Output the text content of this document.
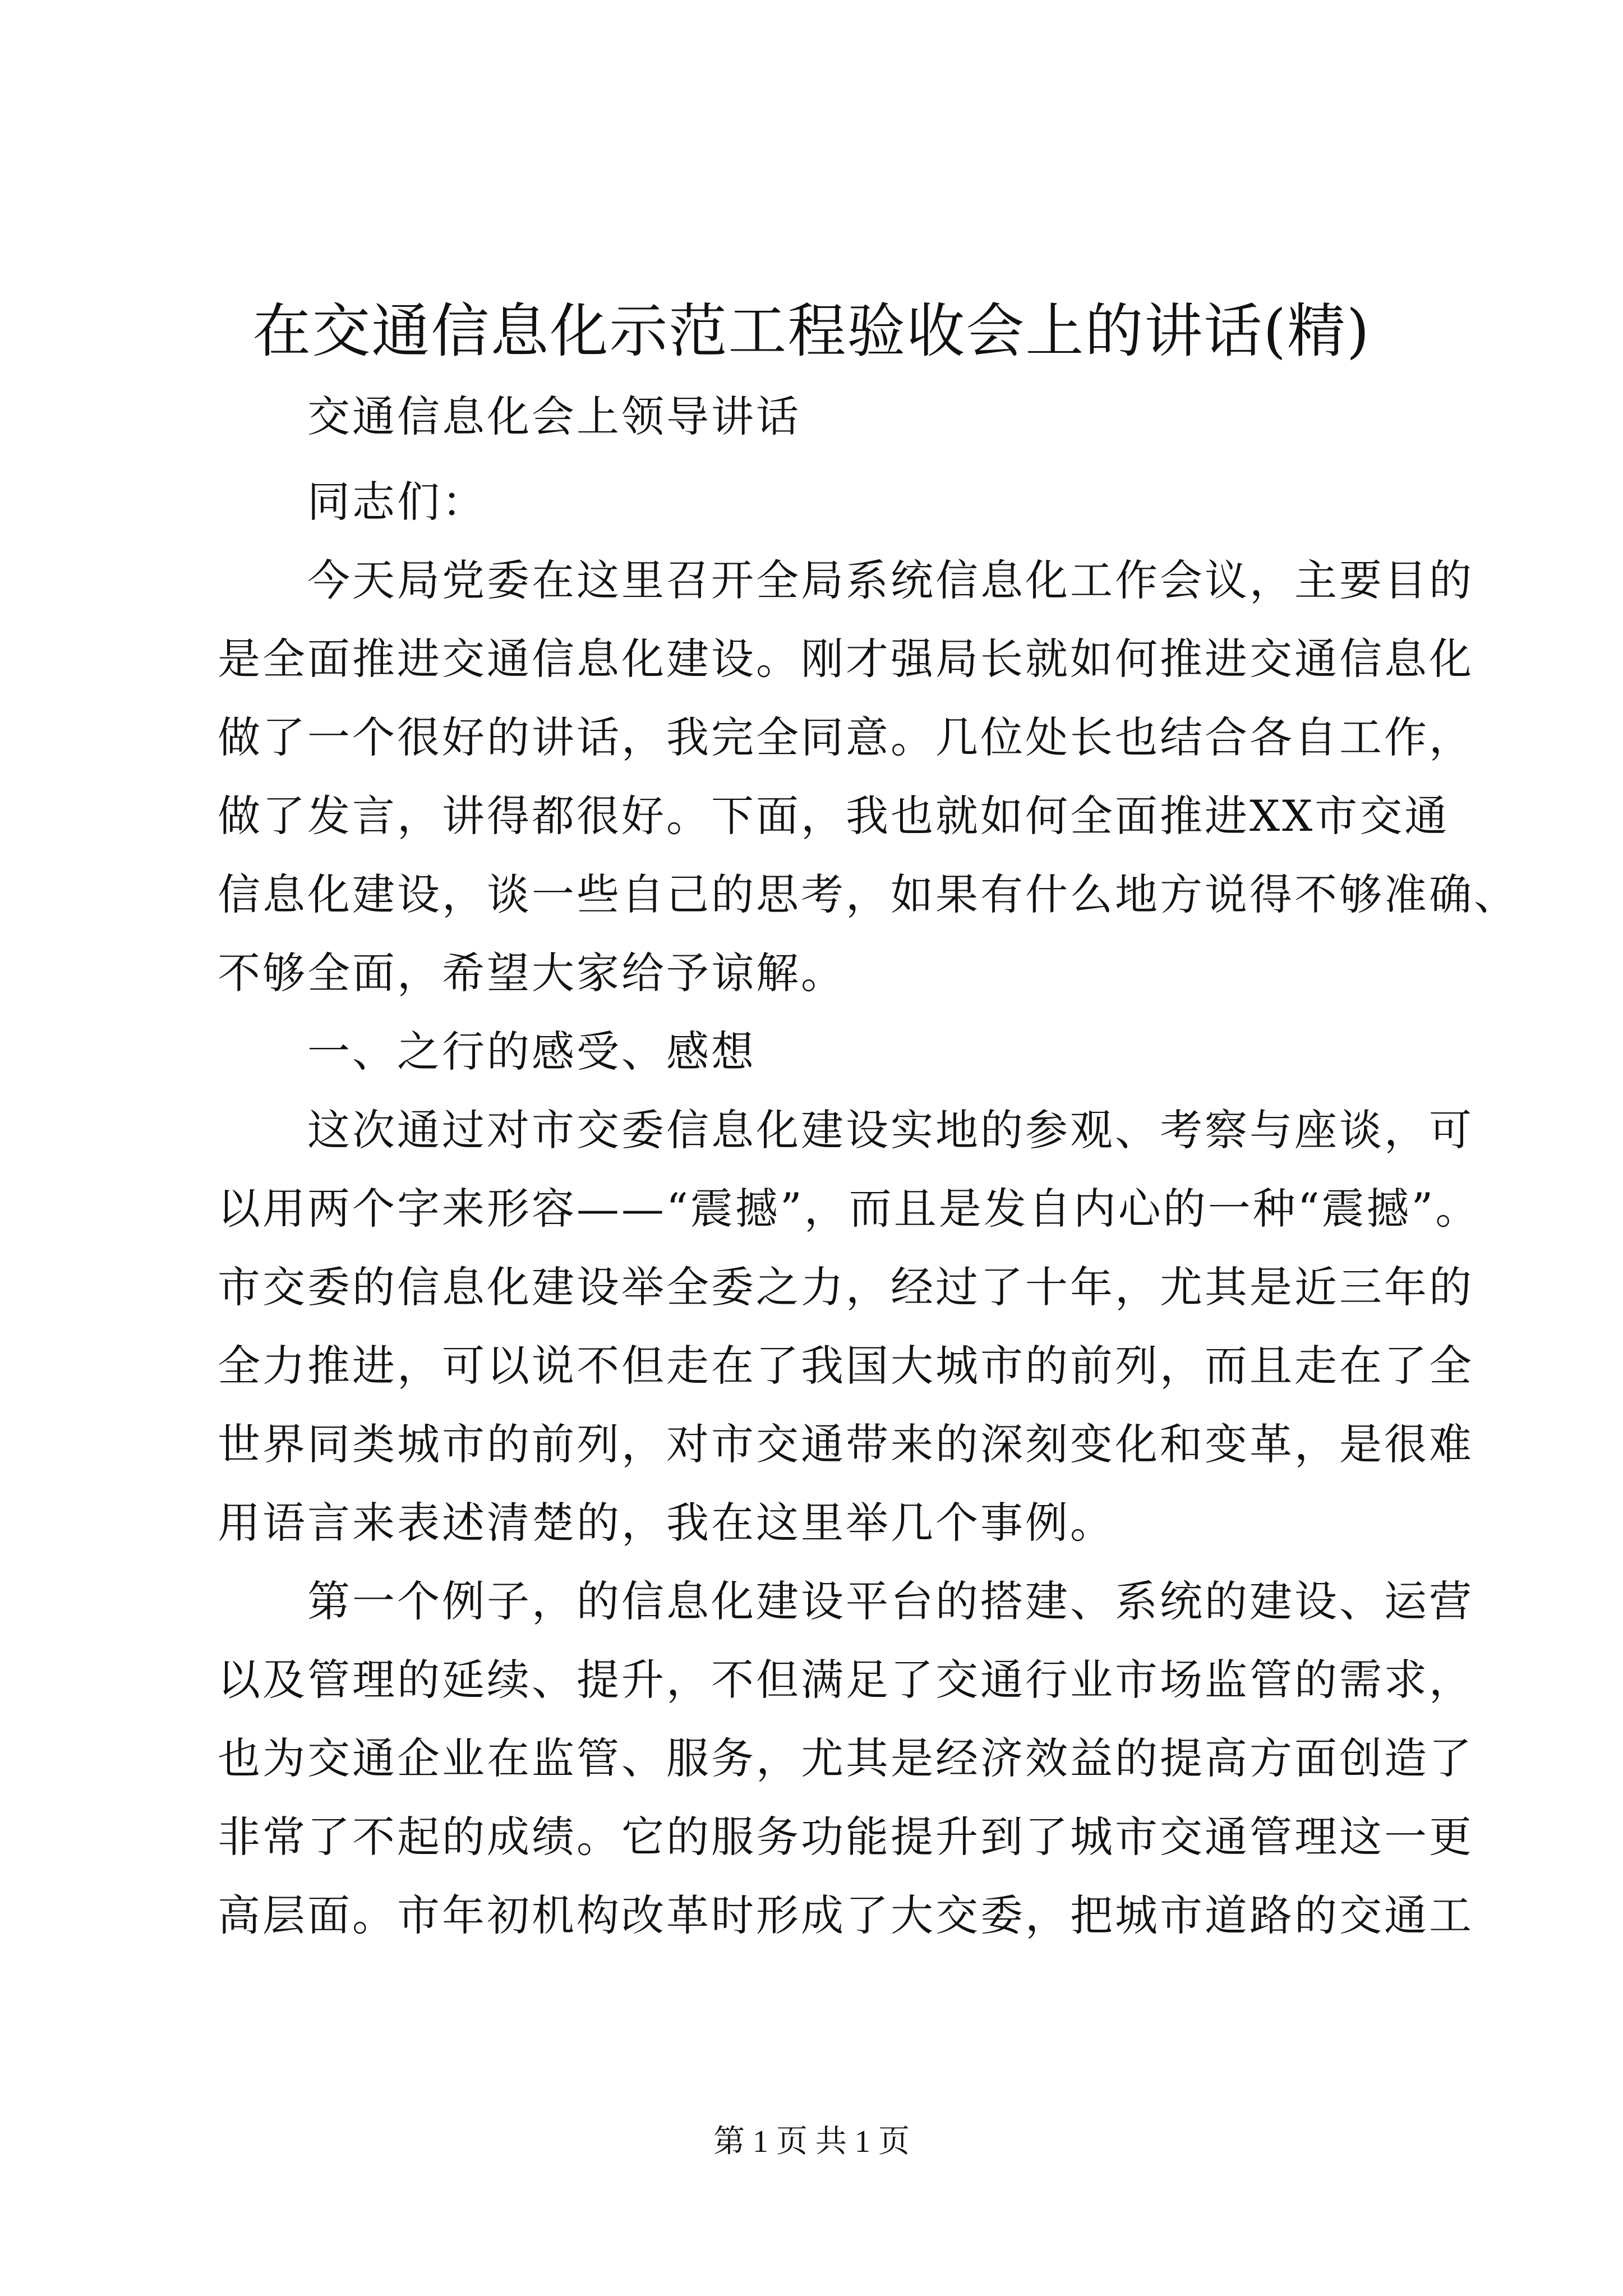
在交通信息化示范工程验收会上的讲话(精)
交通信息化会上领导讲话
同志们：
今天局党委在这里召开全局系统信息化工作会议，主要目的
是全面推进交通信息化建设。刚才强局长就如何推进交通信息化
做了一个很好的讲话，我完全同意。几位处长也结合各自工作，
做了发言，讲得都很好。下面，我也就如何全面推进XX市交通
信息化建设，谈一些自己的思考，如果有什么地方说得不够准确、
不够全面，希望大家给予谅解。
一、之行的感受、感想
这次通过对市交委信息化建设实地的参观、考察与座谈，可
以用两个字来形容——“震撼”，而且是发自内心的一种“震撼”。
市交委的信息化建设举全委之力，经过了十年，尤其是近三年的
全力推进，可以说不但走在了我国大城市的前列，而且走在了全
世界同类城市的前列，对市交通带来的深刻变化和变革，是很难
用语言来表述清楚的，我在这里举几个事例。
第一个例子，的信息化建设平台的搭建、系统的建设、运营
以及管理的延续、提升，不但满足了交通行业市场监管的需求，
也为交通企业在监管、服务，尤其是经济效益的提高方面创造了
非常了不起的成绩。它的服务功能提升到了城市交通管理这一更
高层面。市年初机构改革时形成了大交委，把城市道路的交通工
第 1 页 共 1 页
